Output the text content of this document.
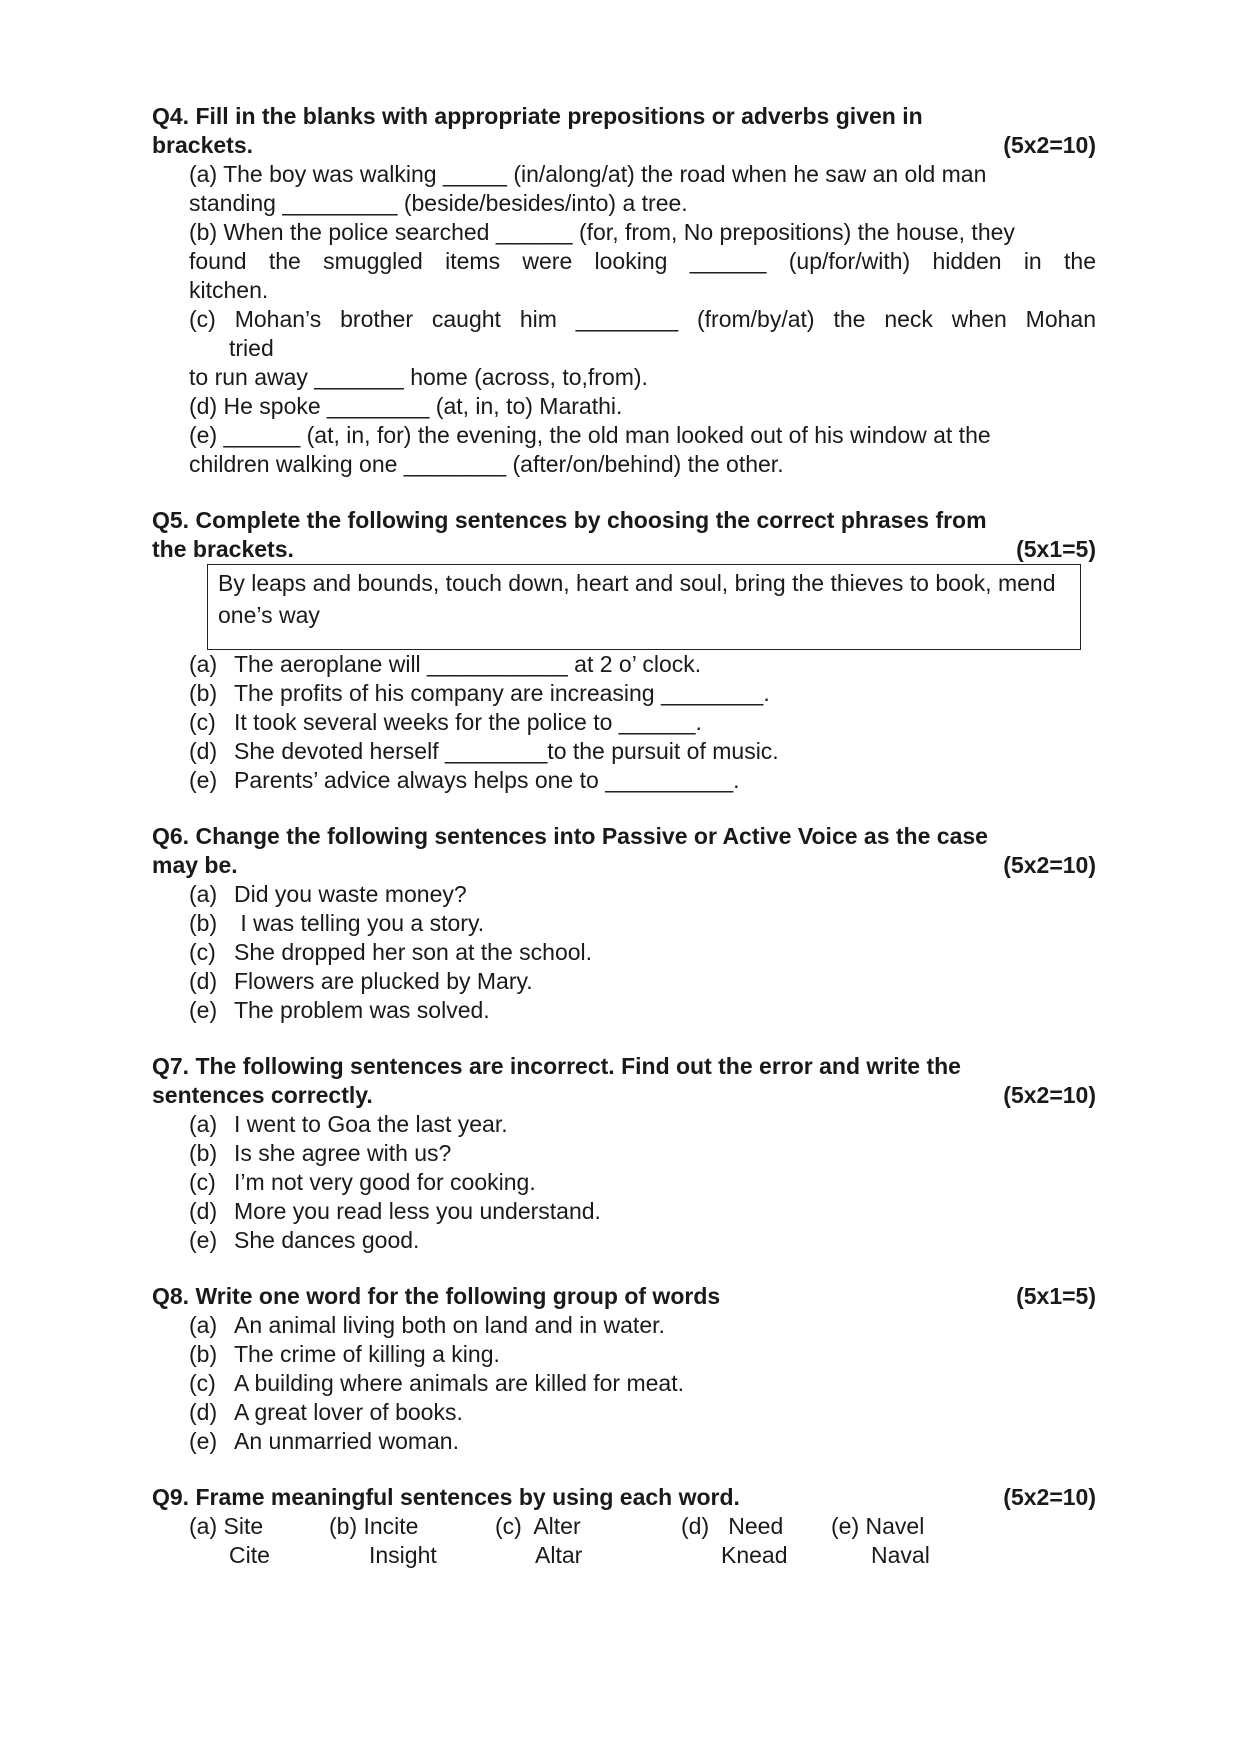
Q4. Fill in the blanks with appropriate prepositions or adverbs given in
brackets.	(5x2=10)
(a) The boy was walking _____ (in/along/at) the road when he saw an old man
standing _________ (beside/besides/into) a tree.
(b) When the police searched ______ (for, from, No prepositions) the house, they
found the smuggled items were looking ______ (up/for/with) hidden in the
kitchen.
(c) Mohan’s brother caught him ________ (from/by/at) the neck when Mohan
tried
to run away _______ home (across, to,from).
(d) He spoke ________ (at, in, to) Marathi.
(e) ______ (at, in, for) the evening, the old man looked out of his window at the
children walking one ________ (after/on/behind) the other.
Q5. Complete the following sentences by choosing the correct phrases from
the brackets.	(5x1=5)
By leaps and bounds, touch down, heart and soul, bring the thieves to book, mend one’s way
(a) The aeroplane will ___________ at 2 o’ clock.
(b) The profits of his company are increasing ________.
(c) It took several weeks for the police to ______.
(d) She devoted herself ________to the pursuit of music.
(e) Parents’ advice always helps one to __________.
Q6. Change the following sentences into Passive or Active Voice as the case
may be.	(5x2=10)
(a) Did you waste money?
(b) I was telling you a story.
(c) She dropped her son at the school.
(d) Flowers are plucked by Mary.
(e) The problem was solved.
Q7. The following sentences are incorrect. Find out the error and write the
sentences correctly.	(5x2=10)
(a) I went to Goa the last year.
(b) Is she agree with us?
(c) I’m not very good for cooking.
(d) More you read less you understand.
(e) She dances good.
Q8. Write one word for the following group of words	(5x1=5)
(a) An animal living both on land and in water.
(b) The crime of killing a king.
(c) A building where animals are killed for meat.
(d) A great lover of books.
(e) An unmarried woman.
Q9. Frame meaningful sentences by using each word.	(5x2=10)
(a) Site	(b) Incite	(c)  Alter	(d)   Need	(e) Navel
Cite	Insight	Altar	Knead	Naval
